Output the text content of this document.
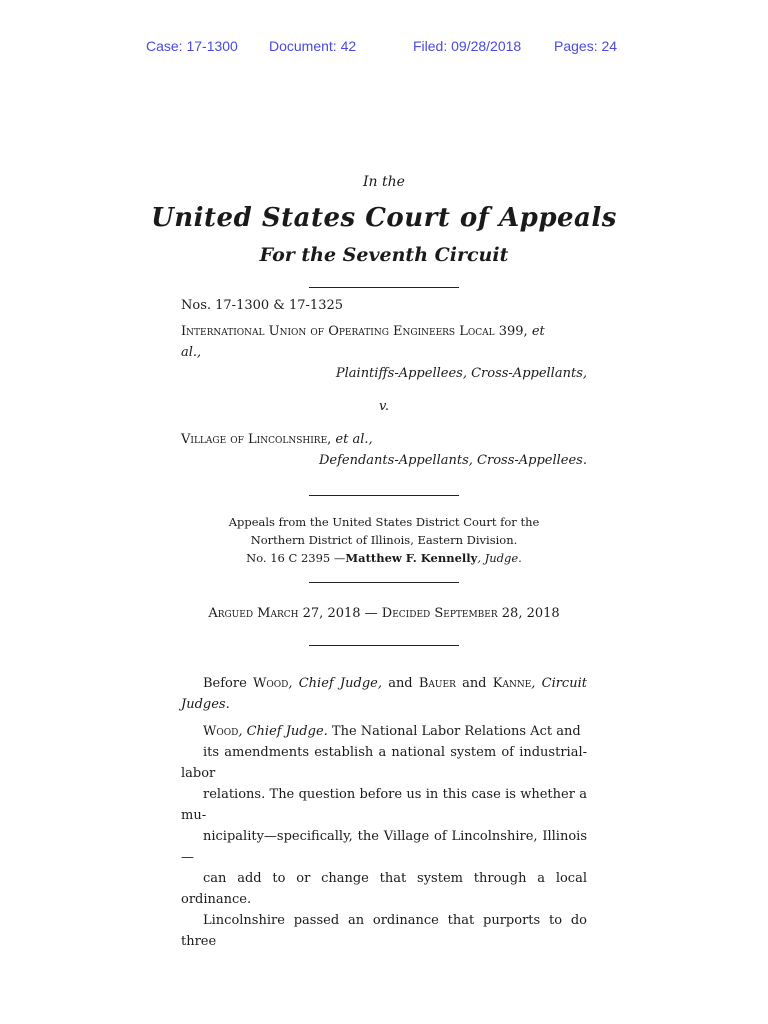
Case: 17-1300 Document: 42	Filed: 09/28/2018 Pages: 24
In the
United States Court of Appeals
For the Seventh Circuit
Nos. 17-1300 & 17-1325
International Union of Operating Engineers Local 399, et
al.,
Plaintiffs-Appellees, Cross-Appellants,
v.
Village of Lincolnshire, et al.,
Defendants-Appellants, Cross-Appellees.
Appeals from the United States District Court for the
Northern District of Illinois, Eastern Division.
No. 16 C 2395 —Matthew F. Kennelly, Judge.
Argued March 27, 2018 — Decided September 28, 2018
Before Wood, Chief Judge, and Bauer and Kanne, Circuit Judges.
Wood, Chief Judge. The National Labor Relations Act and
its amendments establish a national system of industrial-labor
relations. The question before us in this case is whether a mu-
nicipality—specifically, the Village of Lincolnshire, Illinois—
can add to or change that system through a local ordinance.
Lincolnshire passed an ordinance that purports to do three
